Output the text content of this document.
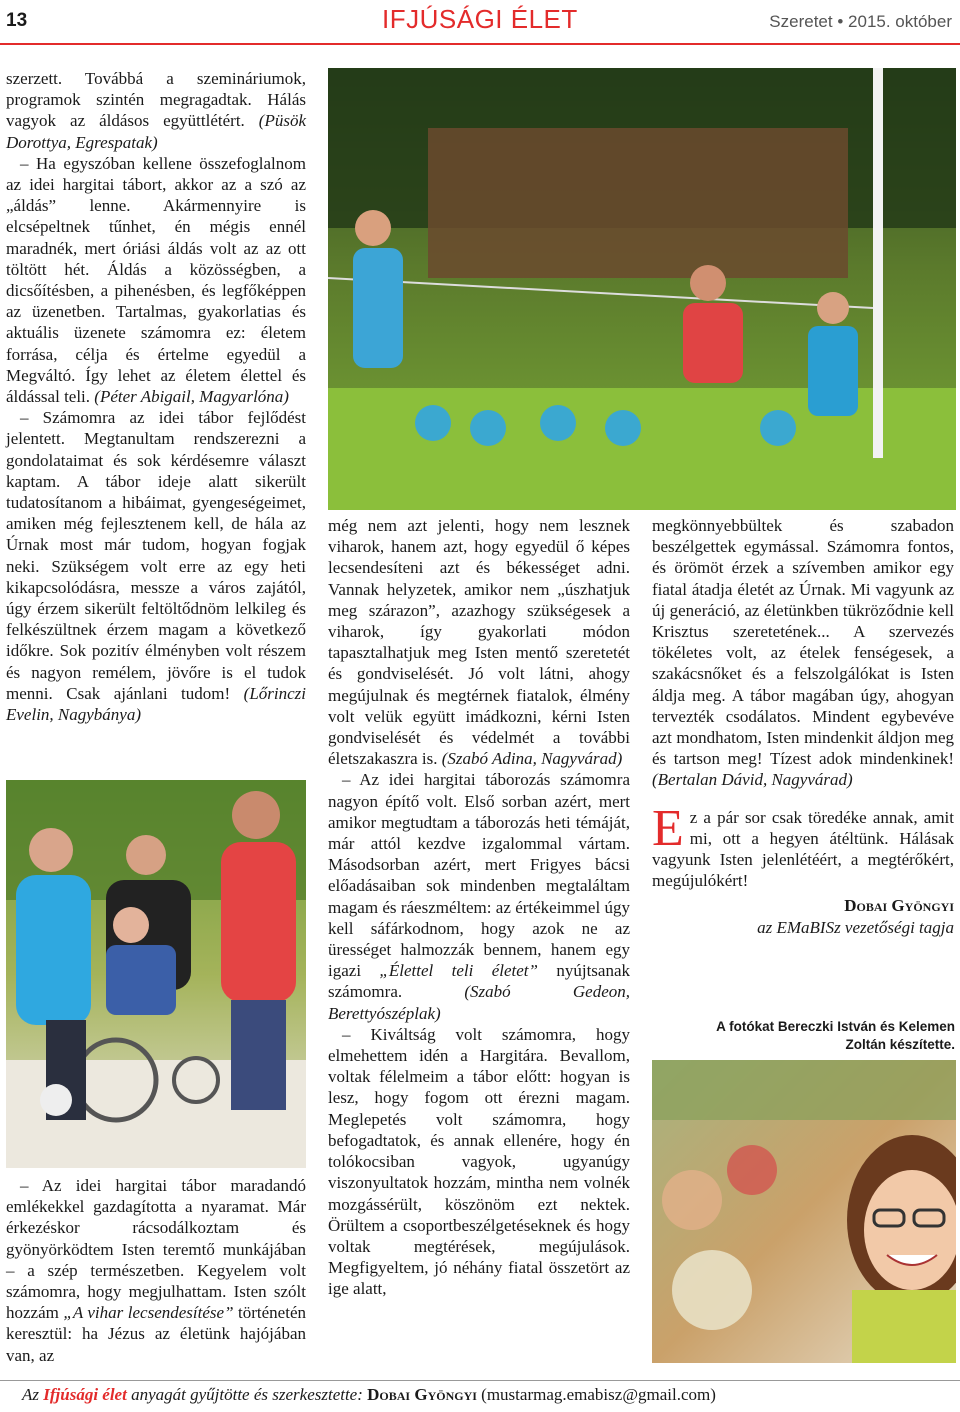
13	IFJÚSÁGI ÉLET	Szeretet • 2015. október

szerzett. Továbbá a szemináriumok, programok szintén megragadtak. Hálás vagyok az áldásos együttlétért. (Püsök Dorottya, Egrespatak)

– Ha egyszóban kellene összefoglalnom az idei hargitai tábort, akkor az a szó az „áldás” lenne. Akármennyire is elcsépeltnek tűnhet, én mégis ennél maradnék, mert óriási áldás volt az az ott töltött hét. Áldás a közösségben, a dicsőítésben, a pihenésben, és legfőképpen az üzenetben. Tartalmas, gyakorlatias és aktuális üzenete számomra ez: életem forrása, célja és értelme egyedül a Megváltó. Így lehet az életem élettel és áldással teli. (Péter Abigail, Magyarlóna)

– Számomra az idei tábor fejlődést jelentett. Megtanultam rendszerezni a gondolataimat és sok kérdésemre választ kaptam. A tábor ideje alatt sikerült tudatosítanom a hibáimat, gyengeségeimet, amiken még fejlesztenem kell, de hála az Úrnak most már tudom, hogyan fogjak neki. Szükségem volt erre az egy heti kikapcsolódásra, messze a város zajától, úgy érzem sikerült feltöltődnöm lelkileg és felkészültnek érzem magam a következő időkre. Sok pozitív élményben volt részem és nagyon remélem, jövőre is el tudok menni. Csak ajánlani tudom! (Lőrinczi Evelin, Nagybánya)

– Az idei hargitai tábor maradandó emlékekkel gazdagította a nyaramat. Már érkezéskor rácsodálkoztam és gyönyörködtem Isten teremtő munkájában – a szép természetben. Kegyelem volt számomra, hogy megjulhattam. Isten szólt hozzám „A vihar lecsendesítése” történetén keresztül: ha Jézus az életünk hajójában van, az

még nem azt jelenti, hogy nem lesznek viharok, hanem azt, hogy egyedül ő képes lecsendesíteni azt és békességet adni. Vannak helyzetek, amikor nem „úszhatjuk meg szárazon”, azazhogy szükségesek a viharok, így gyakorlati módon tapasztalhatjuk meg Isten mentő szeretetét és gondviselését. Jó volt látni, ahogy megújulnak és megtérnek fiatalok, élmény volt velük együtt imádkozni, kérni Isten gondviselését és védelmét a további életszakaszra is. (Szabó Adina, Nagyvárad)

– Az idei hargitai táborozás számomra nagyon építő volt. Első sorban azért, mert amikor megtudtam a táborozás heti témáját, már attól kezdve izgalommal vártam. Másodsorban azért, mert Frigyes bácsi előadásaiban sok mindenben megtaláltam magam és ráeszméltem: az értékeimmel úgy kell sáfárkodnom, hogy azok ne az ürességet halmozzák bennem, hanem egy igazi „Élettel teli életet” nyújtsanak számomra.	(Szabó Gedeon, Berettyószéplak)

– Kiváltság volt számomra, hogy elmehettem idén a Hargitára. Bevallom, voltak félelmeim a tábor előtt: hogyan is lesz, hogy fogom ott érezni magam. Meglepetés volt számomra, hogy befogadtatok, és annak ellenére, hogy én tolókocsiban vagyok, ugyanúgy viszonyultatok hozzám, mintha nem volnék mozgássérült, köszönöm ezt nektek. Örültem a csoportbeszélgetéseknek és hogy voltak megtérések, megújulások. Megfigyeltem, jó néhány fiatal összetört az ige alatt,

megkönnyebbültek és szabadon beszélgettek egymással. Számomra fontos, és örömöt érzek a szívemben amikor egy fiatal átadja életét az Úrnak. Mi vagyunk az új generáció, az életünkben tükröződnie kell Krisztus szeretetének... A szervezés tökéletes volt, az ételek fenségesek, a szakácsnőket és a felszolgálókat is Isten áldja meg. A tábor magában úgy, ahogyan tervezték csodálatos. Mindent egybevéve azt mondhatom, Isten mindenkit áldjon meg és tartson meg! Tízest adok mindenkinek! (Bertalan Dávid, Nagyvárad)

Ez a pár sor csak töredéke annak, amit mi, ott a hegyen átéltünk. Hálásak vagyunk Isten jelenlétéért, a megtérőkért, megújulókért!

Dobai Gyöngyi
az EMaBISz vezetőségi tagja
A fotókat Bereczki István és Kelemen Zoltán készítette.
Az Ifjúsági élet anyagát gyűjtötte és szerkesztette: Dobai Gyöngyi (mustarmag.emabisz@gmail.com)
